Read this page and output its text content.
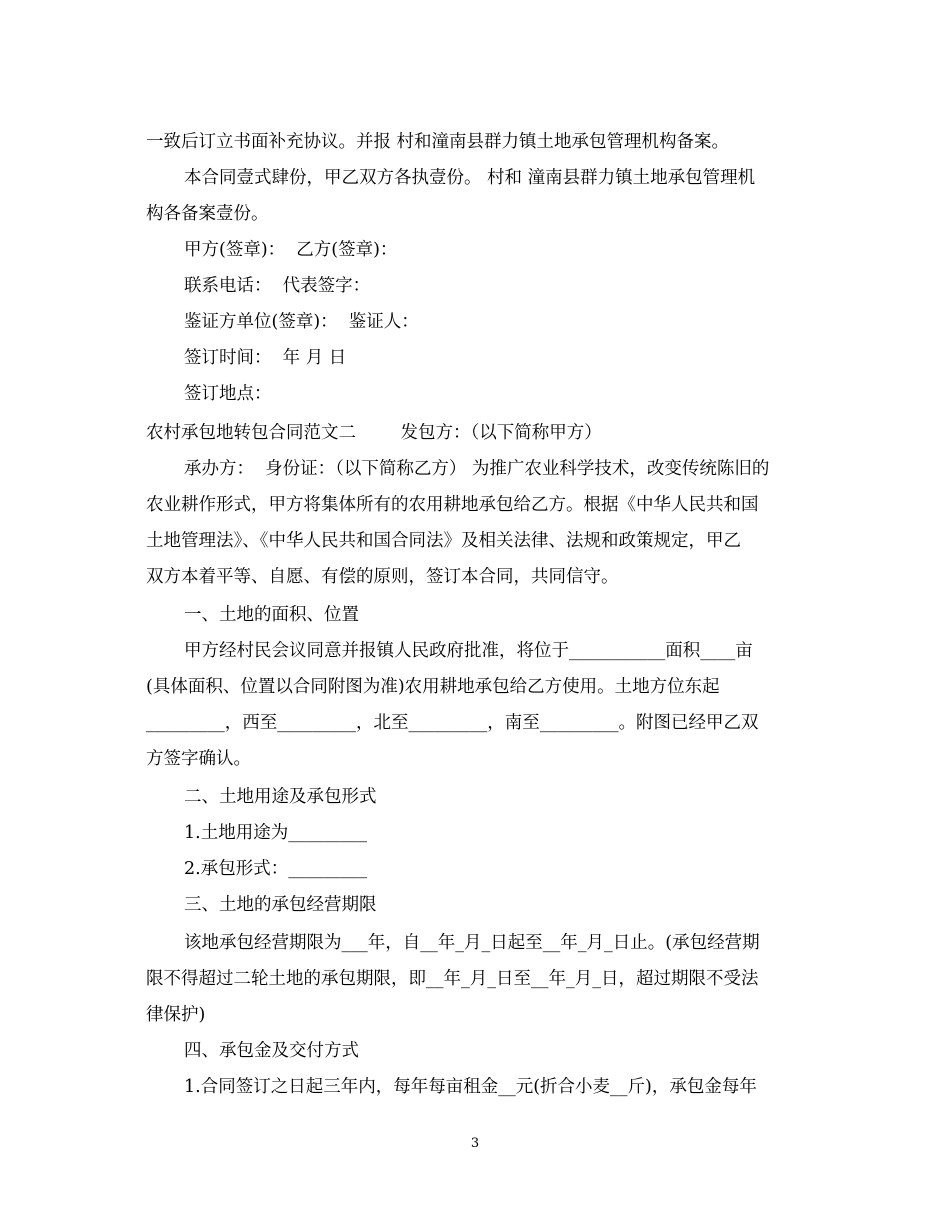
一致后订立书面补充协议。并报 村和潼南县群力镇土地承包管理机构备案。
本合同壹式肆份，甲乙双方各执壹份。 村和 潼南县群力镇土地承包管理机
构各备案壹份。
甲方(签章)：  乙方(签章)：
联系电话：  代表签字：
鉴证方单位(签章)：  鉴证人：
签订时间：  年 月 日
签订地点：
农村承包地转包合同范文二        发包方：（以下简称甲方）
承办方：  身份证：（以下简称乙方） 为推广农业科学技术，改变传统陈旧的
农业耕作形式，甲方将集体所有的农用耕地承包给乙方。根据《中华人民共和国
土地管理法》、《中华人民共和国合同法》及相关法律、法规和政策规定，甲乙
双方本着平等、自愿、有偿的原则，签订本合同，共同信守。
一、土地的面积、位置
甲方经村民会议同意并报镇人民政府批准，将位于___________面积____亩
(具体面积、位置以合同附图为准)农用耕地承包给乙方使用。土地方位东起
_________，西至_________，北至_________，南至_________。附图已经甲乙双
方签字确认。
二、土地用途及承包形式
1.土地用途为_________
2.承包形式：_________
三、土地的承包经营期限
该地承包经营期限为___年，自__年_月_日起至__年_月_日止。(承包经营期
限不得超过二轮土地的承包期限，即__年_月_日至__年_月_日，超过期限不受法
律保护)
四、承包金及交付方式
1.合同签订之日起三年内，每年每亩租金__元(折合小麦__斤)，承包金每年
3
